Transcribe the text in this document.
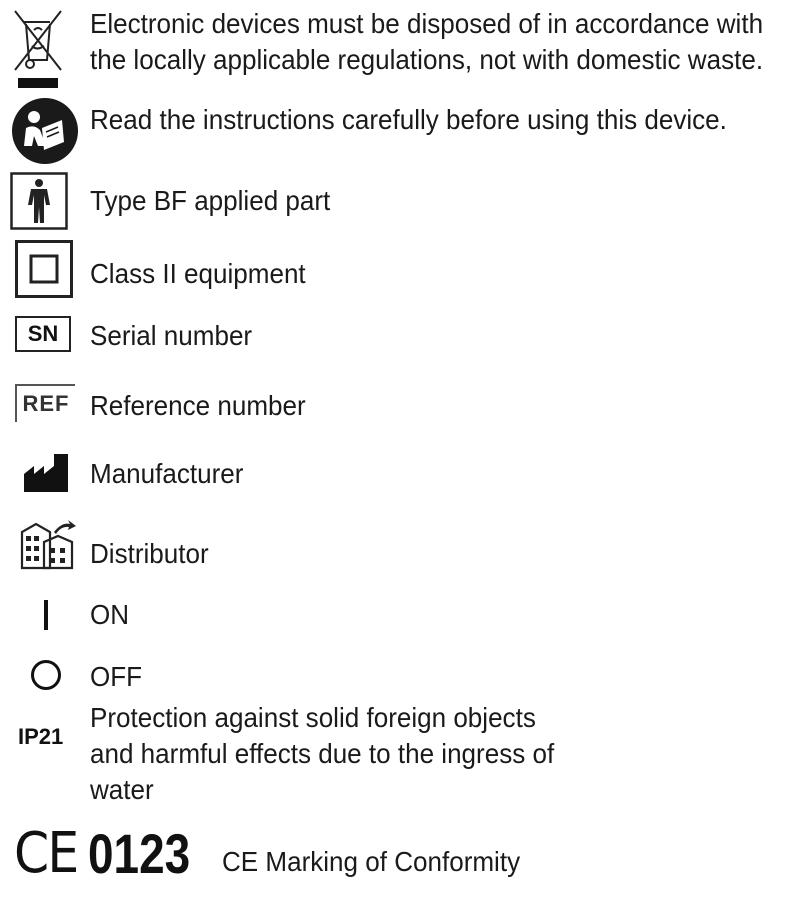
Electronic devices must be disposed of in accordance with
the locally applicable regulations, not with domestic waste.
Read the instructions carefully before using this device.
Type BF applied part
Class II equipment
SN	Serial number
REF Reference number
Manufacturer
Distributor
ON
OFF
IP21
Protection against solid foreign objects
and harmful effects due to the ingress of
water
CE 0123 CE Marking of Conformity
